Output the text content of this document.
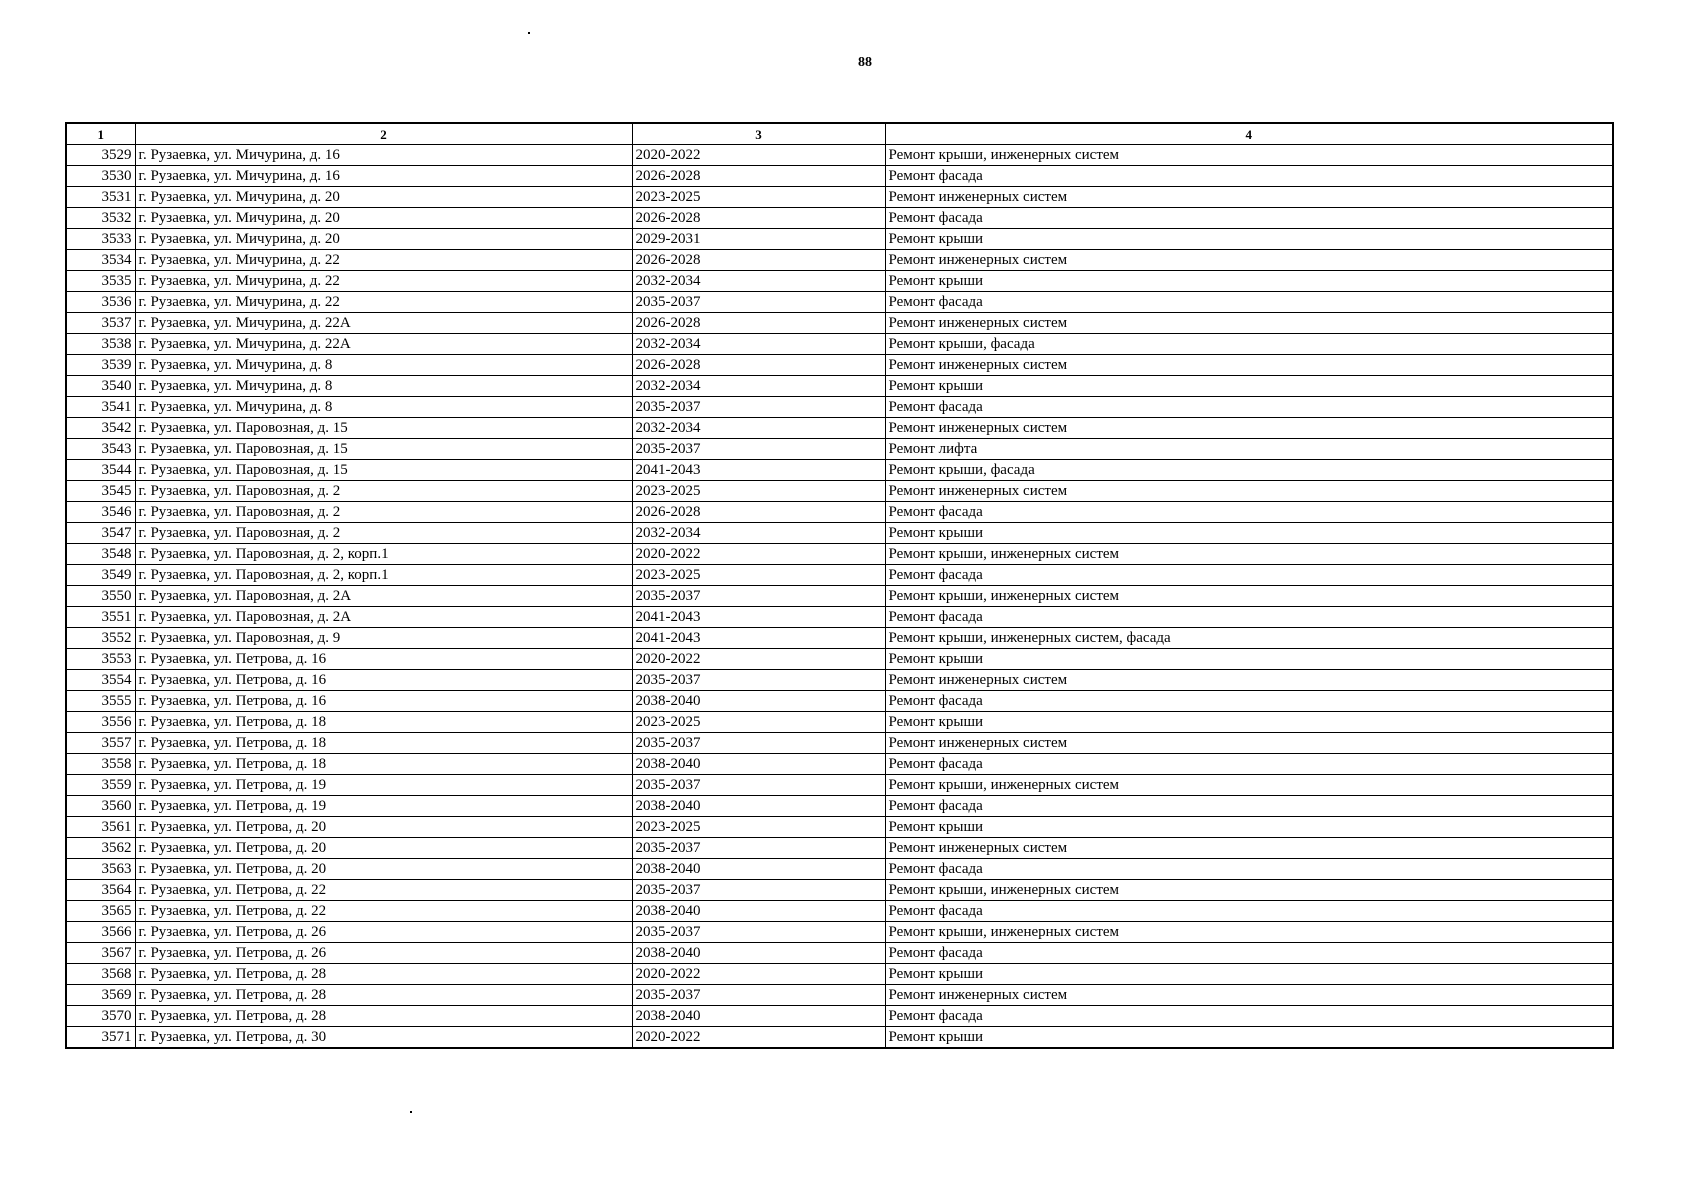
88
1	2	3	4
3529	г. Рузаевка, ул. Мичурина, д. 16	2020-2022	Ремонт крыши, инженерных систем
3530	г. Рузаевка, ул. Мичурина, д. 16	2026-2028	Ремонт фасада
3531	г. Рузаевка, ул. Мичурина, д. 20	2023-2025	Ремонт инженерных систем
3532	г. Рузаевка, ул. Мичурина, д. 20	2026-2028	Ремонт фасада
3533	г. Рузаевка, ул. Мичурина, д. 20	2029-2031	Ремонт крыши
3534	г. Рузаевка, ул. Мичурина, д. 22	2026-2028	Ремонт инженерных систем
3535	г. Рузаевка, ул. Мичурина, д. 22	2032-2034	Ремонт крыши
3536	г. Рузаевка, ул. Мичурина, д. 22	2035-2037	Ремонт фасада
3537	г. Рузаевка, ул. Мичурина, д. 22А	2026-2028	Ремонт инженерных систем
3538	г. Рузаевка, ул. Мичурина, д. 22А	2032-2034	Ремонт крыши, фасада
3539	г. Рузаевка, ул. Мичурина, д. 8	2026-2028	Ремонт инженерных систем
3540	г. Рузаевка, ул. Мичурина, д. 8	2032-2034	Ремонт крыши
3541	г. Рузаевка, ул. Мичурина, д. 8	2035-2037	Ремонт фасада
3542	г. Рузаевка, ул. Паровозная, д. 15	2032-2034	Ремонт инженерных систем
3543	г. Рузаевка, ул. Паровозная, д. 15	2035-2037	Ремонт лифта
3544	г. Рузаевка, ул. Паровозная, д. 15	2041-2043	Ремонт крыши, фасада
3545	г. Рузаевка, ул. Паровозная, д. 2	2023-2025	Ремонт инженерных систем
3546	г. Рузаевка, ул. Паровозная, д. 2	2026-2028	Ремонт фасада
3547	г. Рузаевка, ул. Паровозная, д. 2	2032-2034	Ремонт крыши
3548	г. Рузаевка, ул. Паровозная, д. 2, корп.1	2020-2022	Ремонт крыши, инженерных систем
3549	г. Рузаевка, ул. Паровозная, д. 2, корп.1	2023-2025	Ремонт фасада
3550	г. Рузаевка, ул. Паровозная, д. 2А	2035-2037	Ремонт крыши, инженерных систем
3551	г. Рузаевка, ул. Паровозная, д. 2А	2041-2043	Ремонт фасада
3552	г. Рузаевка, ул. Паровозная, д. 9	2041-2043	Ремонт крыши, инженерных систем, фасада
3553	г. Рузаевка, ул. Петрова, д. 16	2020-2022	Ремонт крыши
3554	г. Рузаевка, ул. Петрова, д. 16	2035-2037	Ремонт инженерных систем
3555	г. Рузаевка, ул. Петрова, д. 16	2038-2040	Ремонт фасада
3556	г. Рузаевка, ул. Петрова, д. 18	2023-2025	Ремонт крыши
3557	г. Рузаевка, ул. Петрова, д. 18	2035-2037	Ремонт инженерных систем
3558	г. Рузаевка, ул. Петрова, д. 18	2038-2040	Ремонт фасада
3559	г. Рузаевка, ул. Петрова, д. 19	2035-2037	Ремонт крыши, инженерных систем
3560	г. Рузаевка, ул. Петрова, д. 19	2038-2040	Ремонт фасада
3561	г. Рузаевка, ул. Петрова, д. 20	2023-2025	Ремонт крыши
3562	г. Рузаевка, ул. Петрова, д. 20	2035-2037	Ремонт инженерных систем
3563	г. Рузаевка, ул. Петрова, д. 20	2038-2040	Ремонт фасада
3564	г. Рузаевка, ул. Петрова, д. 22	2035-2037	Ремонт крыши, инженерных систем
3565	г. Рузаевка, ул. Петрова, д. 22	2038-2040	Ремонт фасада
3566	г. Рузаевка, ул. Петрова, д. 26	2035-2037	Ремонт крыши, инженерных систем
3567	г. Рузаевка, ул. Петрова, д. 26	2038-2040	Ремонт фасада
3568	г. Рузаевка, ул. Петрова, д. 28	2020-2022	Ремонт крыши
3569	г. Рузаевка, ул. Петрова, д. 28	2035-2037	Ремонт инженерных систем
3570	г. Рузаевка, ул. Петрова, д. 28	2038-2040	Ремонт фасада
3571	г. Рузаевка, ул. Петрова, д. 30	2020-2022	Ремонт крыши
